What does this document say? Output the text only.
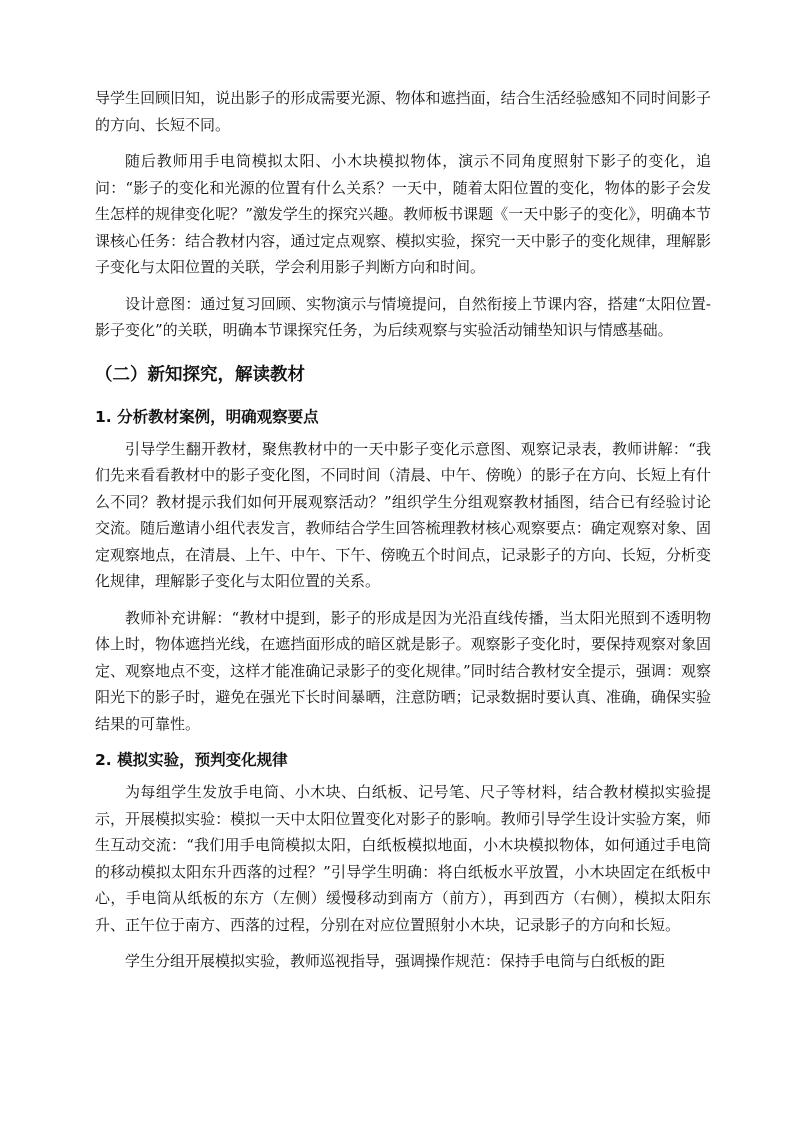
导学生回顾旧知，说出影子的形成需要光源、物体和遮挡面，结合生活经验感知不同时间影子的方向、长短不同。

随后教师用手电筒模拟太阳、小木块模拟物体，演示不同角度照射下影子的变化，追问：“影子的变化和光源的位置有什么关系？一天中，随着太阳位置的变化，物体的影子会发生怎样的规律变化呢？”激发学生的探究兴趣。教师板书课题《一天中影子的变化》，明确本节课核心任务：结合教材内容，通过定点观察、模拟实验，探究一天中影子的变化规律，理解影子变化与太阳位置的关联，学会利用影子判断方向和时间。

设计意图：通过复习回顾、实物演示与情境提问，自然衔接上节课内容，搭建“太阳位置-影子变化”的关联，明确本节课探究任务，为后续观察与实验活动铺垫知识与情感基础。

（二）新知探究，解读教材
1. 分析教材案例，明确观察要点

引导学生翻开教材，聚焦教材中的一天中影子变化示意图、观察记录表，教师讲解：“我们先来看看教材中的影子变化图，不同时间（清晨、中午、傍晚）的影子在方向、长短上有什么不同？教材提示我们如何开展观察活动？”组织学生分组观察教材插图，结合已有经验讨论交流。随后邀请小组代表发言，教师结合学生回答梳理教材核心观察要点：确定观察对象、固定观察地点，在清晨、上午、中午、下午、傍晚五个时间点，记录影子的方向、长短，分析变化规律，理解影子变化与太阳位置的关系。

教师补充讲解：“教材中提到，影子的形成是因为光沿直线传播，当太阳光照到不透明物体上时，物体遮挡光线，在遮挡面形成的暗区就是影子。观察影子变化时，要保持观察对象固定、观察地点不变，这样才能准确记录影子的变化规律。”同时结合教材安全提示，强调：观察阳光下的影子时，避免在强光下长时间暴晒，注意防晒；记录数据时要认真、准确，确保实验结果的可靠性。

2. 模拟实验，预判变化规律

为每组学生发放手电筒、小木块、白纸板、记号笔、尺子等材料，结合教材模拟实验提示，开展模拟实验：模拟一天中太阳位置变化对影子的影响。教师引导学生设计实验方案，师生互动交流：“我们用手电筒模拟太阳，白纸板模拟地面，小木块模拟物体，如何通过手电筒的移动模拟太阳东升西落的过程？”引导学生明确：将白纸板水平放置，小木块固定在纸板中心，手电筒从纸板的东方（左侧）缓慢移动到南方（前方），再到西方（右侧），模拟太阳东升、正午位于南方、西落的过程，分别在对应位置照射小木块，记录影子的方向和长短。

学生分组开展模拟实验，教师巡视指导，强调操作规范：保持手电筒与白纸板的距
